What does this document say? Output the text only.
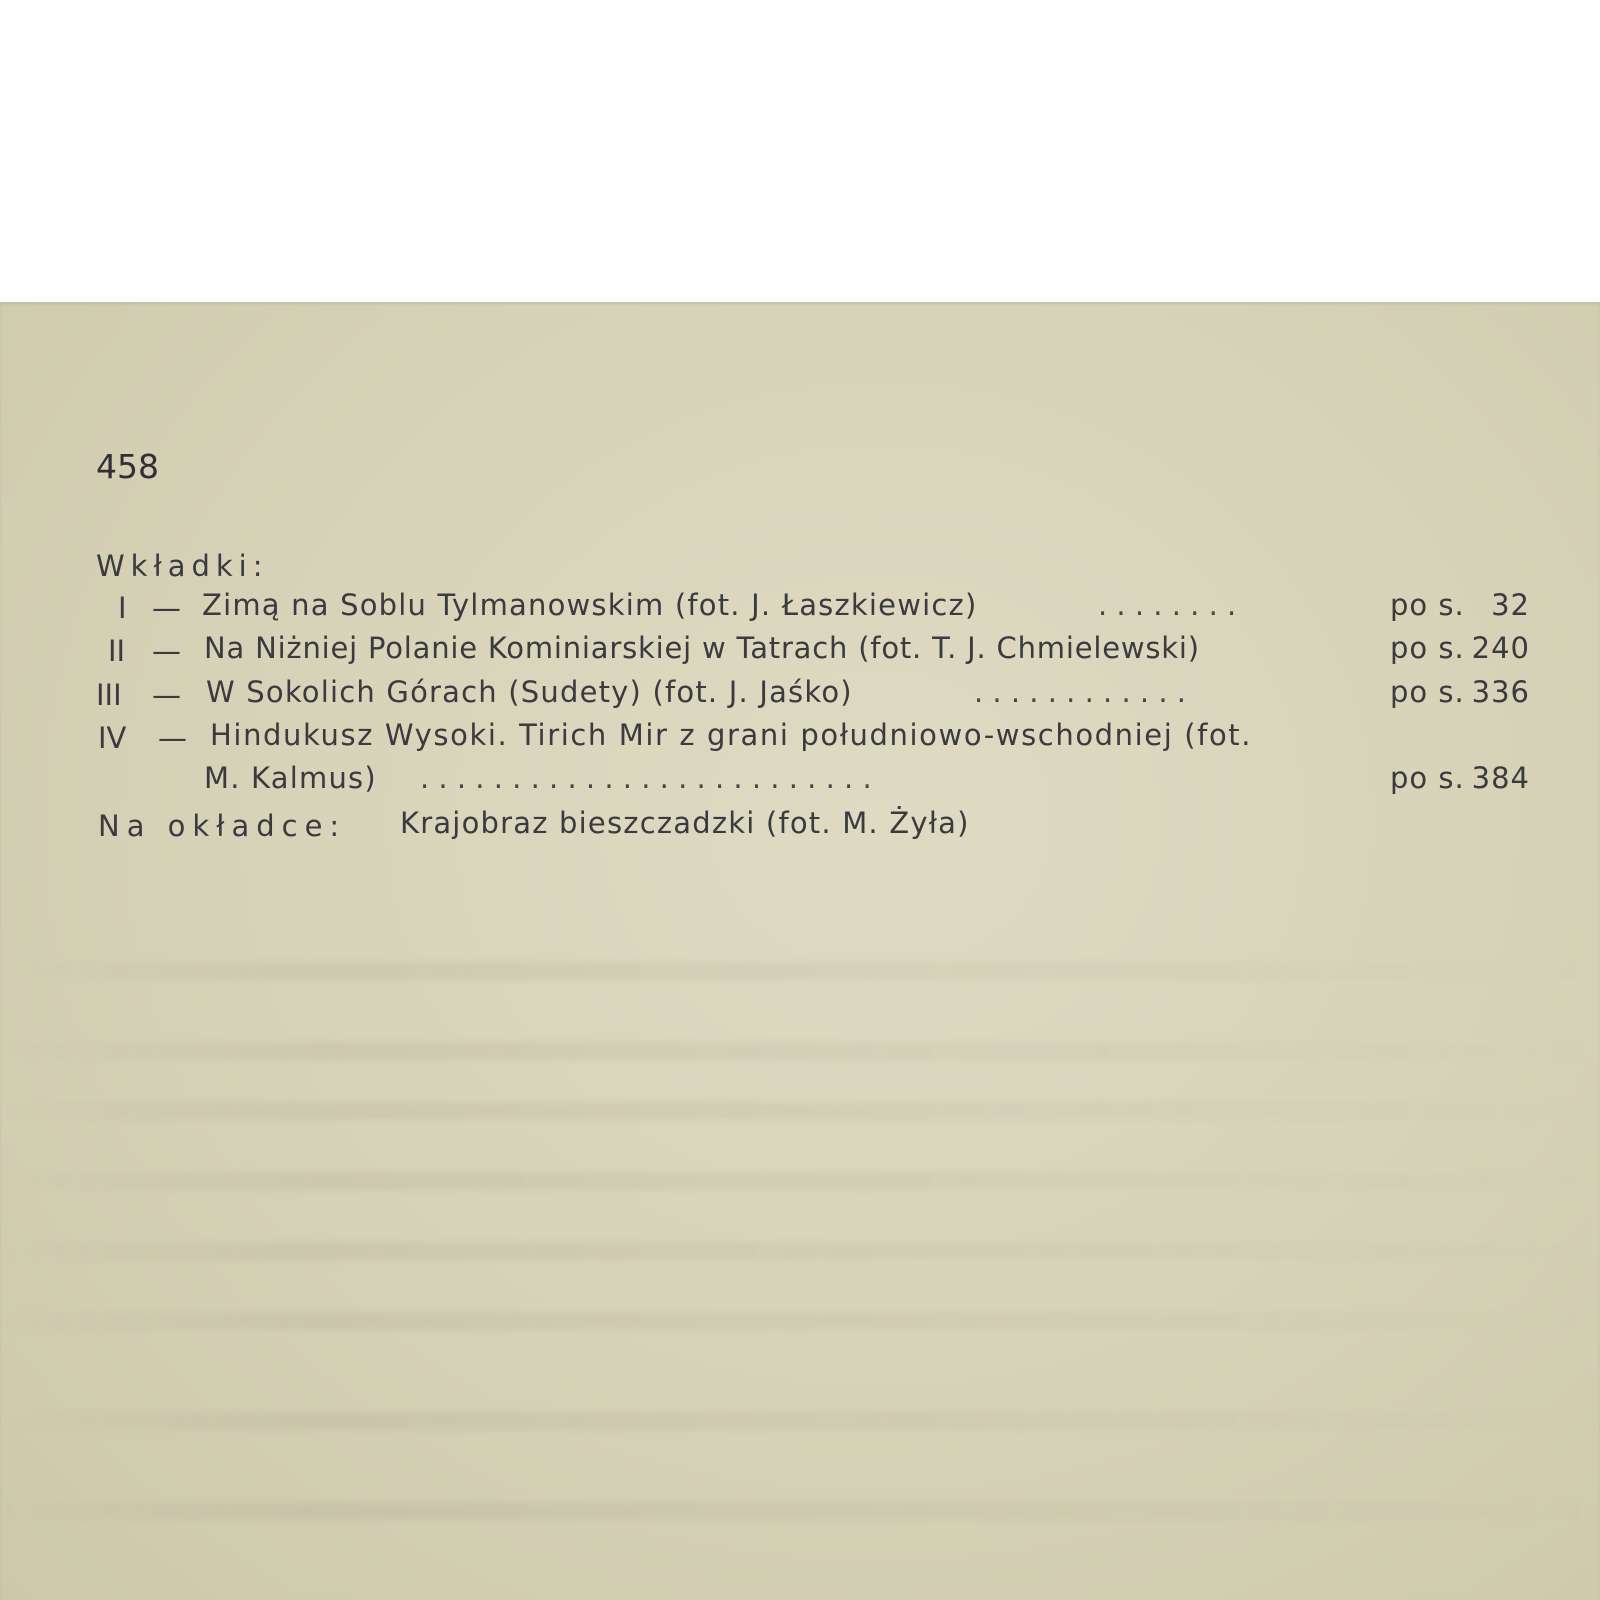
458
Wkładki:
I — Zimą na Soblu Tylmanowskim (fot. J. Łaszkiewicz)	. . . . . . . .	po s. 32
II — Na Niżniej Polanie Kominiarskiej w Tatrach (fot. T. J. Chmielewski)	po s. 240
III — W Sokolich Górach (Sudety) (fot. J. Jaśko)	. . . . . . . . . . . .	po s. 336
IV — Hindukusz Wysoki. Tirich Mir z grani południowo-wschodniej (fot.
M. Kalmus) . . . . . . . . . . . . . . . . . . . . . . . . .	po s. 384
Na okładce: Krajobraz bieszczadzki (fot. M. Żyła)
